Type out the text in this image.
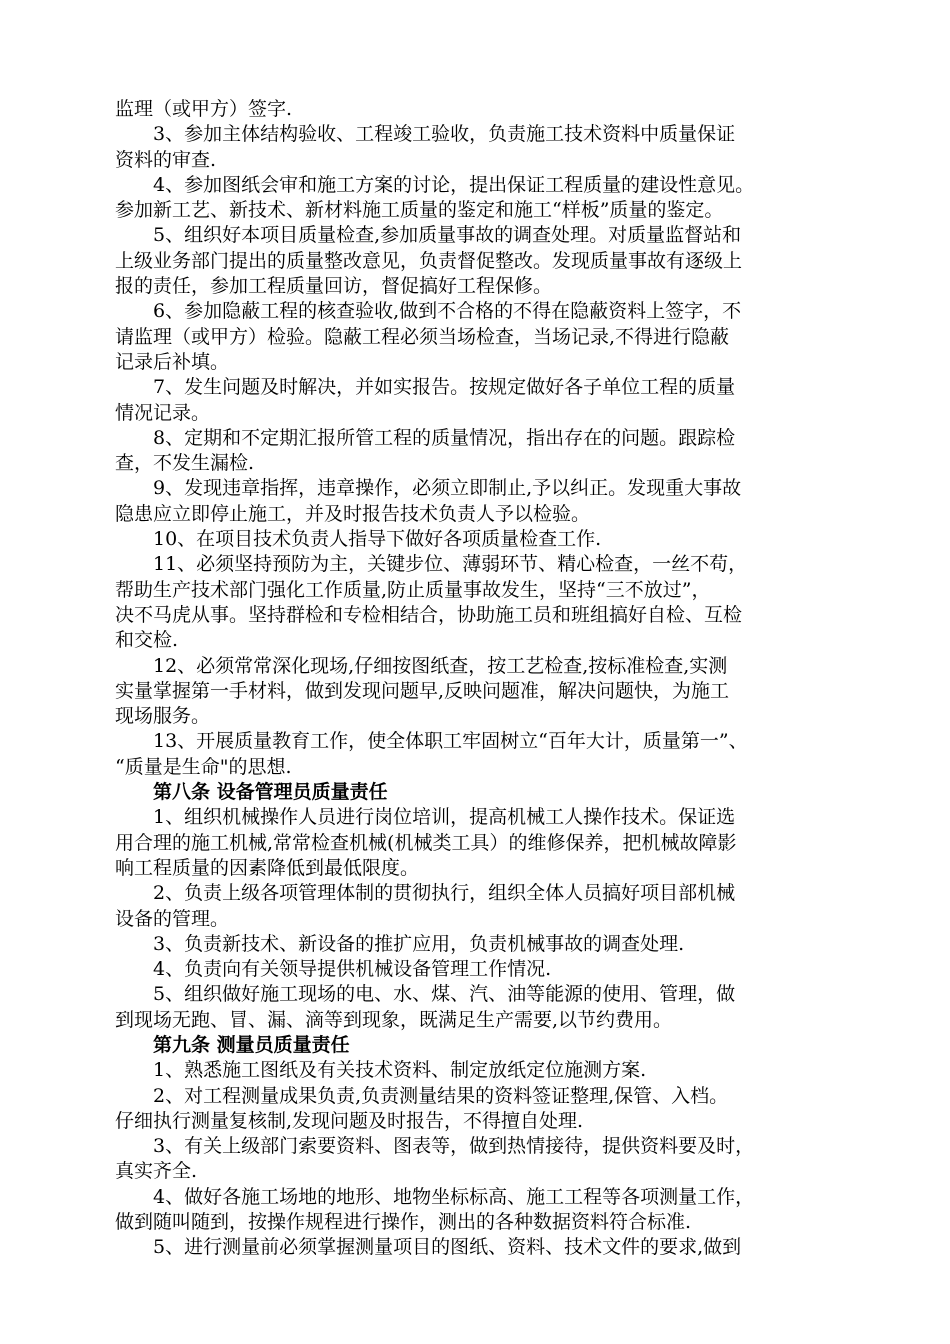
监理（或甲方）签字.
3、参加主体结构验收、工程竣工验收，负责施工技术资料中质量保证
资料的审查.
4、参加图纸会审和施工方案的讨论，提出保证工程质量的建设性意见。
参加新工艺、新技术、新材料施工质量的鉴定和施工“样板”质量的鉴定。
5、组织好本项目质量检查,参加质量事故的调查处理。对质量监督站和
上级业务部门提出的质量整改意见，负责督促整改。发现质量事故有逐级上
报的责任，参加工程质量回访，督促搞好工程保修。
6、参加隐蔽工程的核查验收,做到不合格的不得在隐蔽资料上签字，不
请监理（或甲方）检验。隐蔽工程必须当场检查，当场记录,不得进行隐蔽
记录后补填。
7、发生问题及时解决，并如实报告。按规定做好各子单位工程的质量
情况记录。
8、定期和不定期汇报所管工程的质量情况，指出存在的问题。跟踪检
查，不发生漏检.
9、发现违章指挥，违章操作，必须立即制止,予以纠正。发现重大事故
隐患应立即停止施工，并及时报告技术负责人予以检验。
10、在项目技术负责人指导下做好各项质量检查工作.
11、必须坚持预防为主，关键步位、薄弱环节、精心检查，一丝不苟，
帮助生产技术部门强化工作质量,防止质量事故发生，坚持“三不放过”，
决不马虎从事。坚持群检和专检相结合，协助施工员和班组搞好自检、互检
和交检.
12、必须常常深化现场,仔细按图纸查，按工艺检查,按标准检查,实测
实量掌握第一手材料，做到发现问题早,反映问题准，解决问题快，为施工
现场服务。
13、开展质量教育工作，使全体职工牢固树立“百年大计，质量第一”、
“质量是生命"的思想.
第八条 设备管理员质量责任
1、组织机械操作人员进行岗位培训，提高机械工人操作技术。保证选
用合理的施工机械,常常检查机械(机械类工具）的维修保养，把机械故障影
响工程质量的因素降低到最低限度。
2、负责上级各项管理体制的贯彻执行，组织全体人员搞好项目部机械
设备的管理。
3、负责新技术、新设备的推扩应用，负责机械事故的调查处理.
4、负责向有关领导提供机械设备管理工作情况.
5、组织做好施工现场的电、水、煤、汽、油等能源的使用、管理，做
到现场无跑、冒、漏、滴等到现象，既满足生产需要,以节约费用。
第九条 测量员质量责任
1、熟悉施工图纸及有关技术资料、制定放纸定位施测方案.
2、对工程测量成果负责,负责测量结果的资料签证整理,保管、入档。
仔细执行测量复核制,发现问题及时报告，不得擅自处理.
3、有关上级部门索要资料、图表等，做到热情接待，提供资料要及时，
真实齐全.
4、做好各施工场地的地形、地物坐标标高、施工工程等各项测量工作，
做到随叫随到，按操作规程进行操作，测出的各种数据资料符合标准.
5、进行测量前必须掌握测量项目的图纸、资料、技术文件的要求,做到
